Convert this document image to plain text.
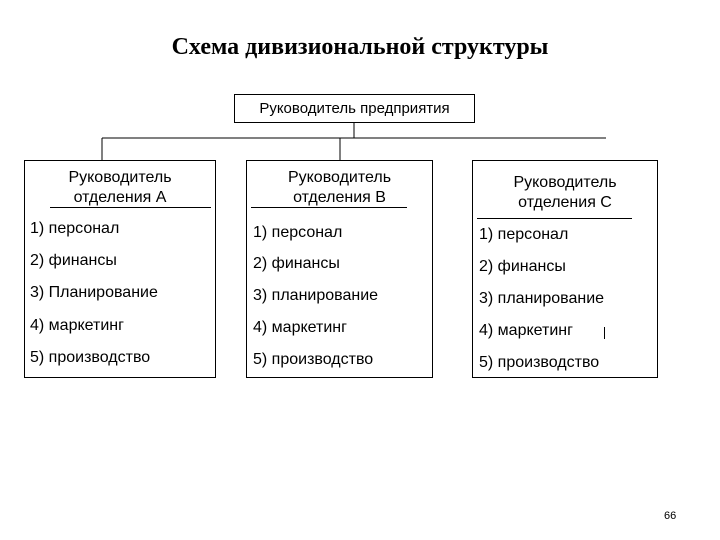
Схема дивизиональной структуры
Руководитель предприятия
Руководитель
отделения А
1) персонал
2) финансы
3) Планирование
4) маркетинг
5) производство
Руководитель
отделения В
1) персонал
2) финансы
3) планирование
4) маркетинг
5) производство
Руководитель
отделения С
1) персонал
2) финансы
3) планирование
4) маркетинг
5) производство
66
